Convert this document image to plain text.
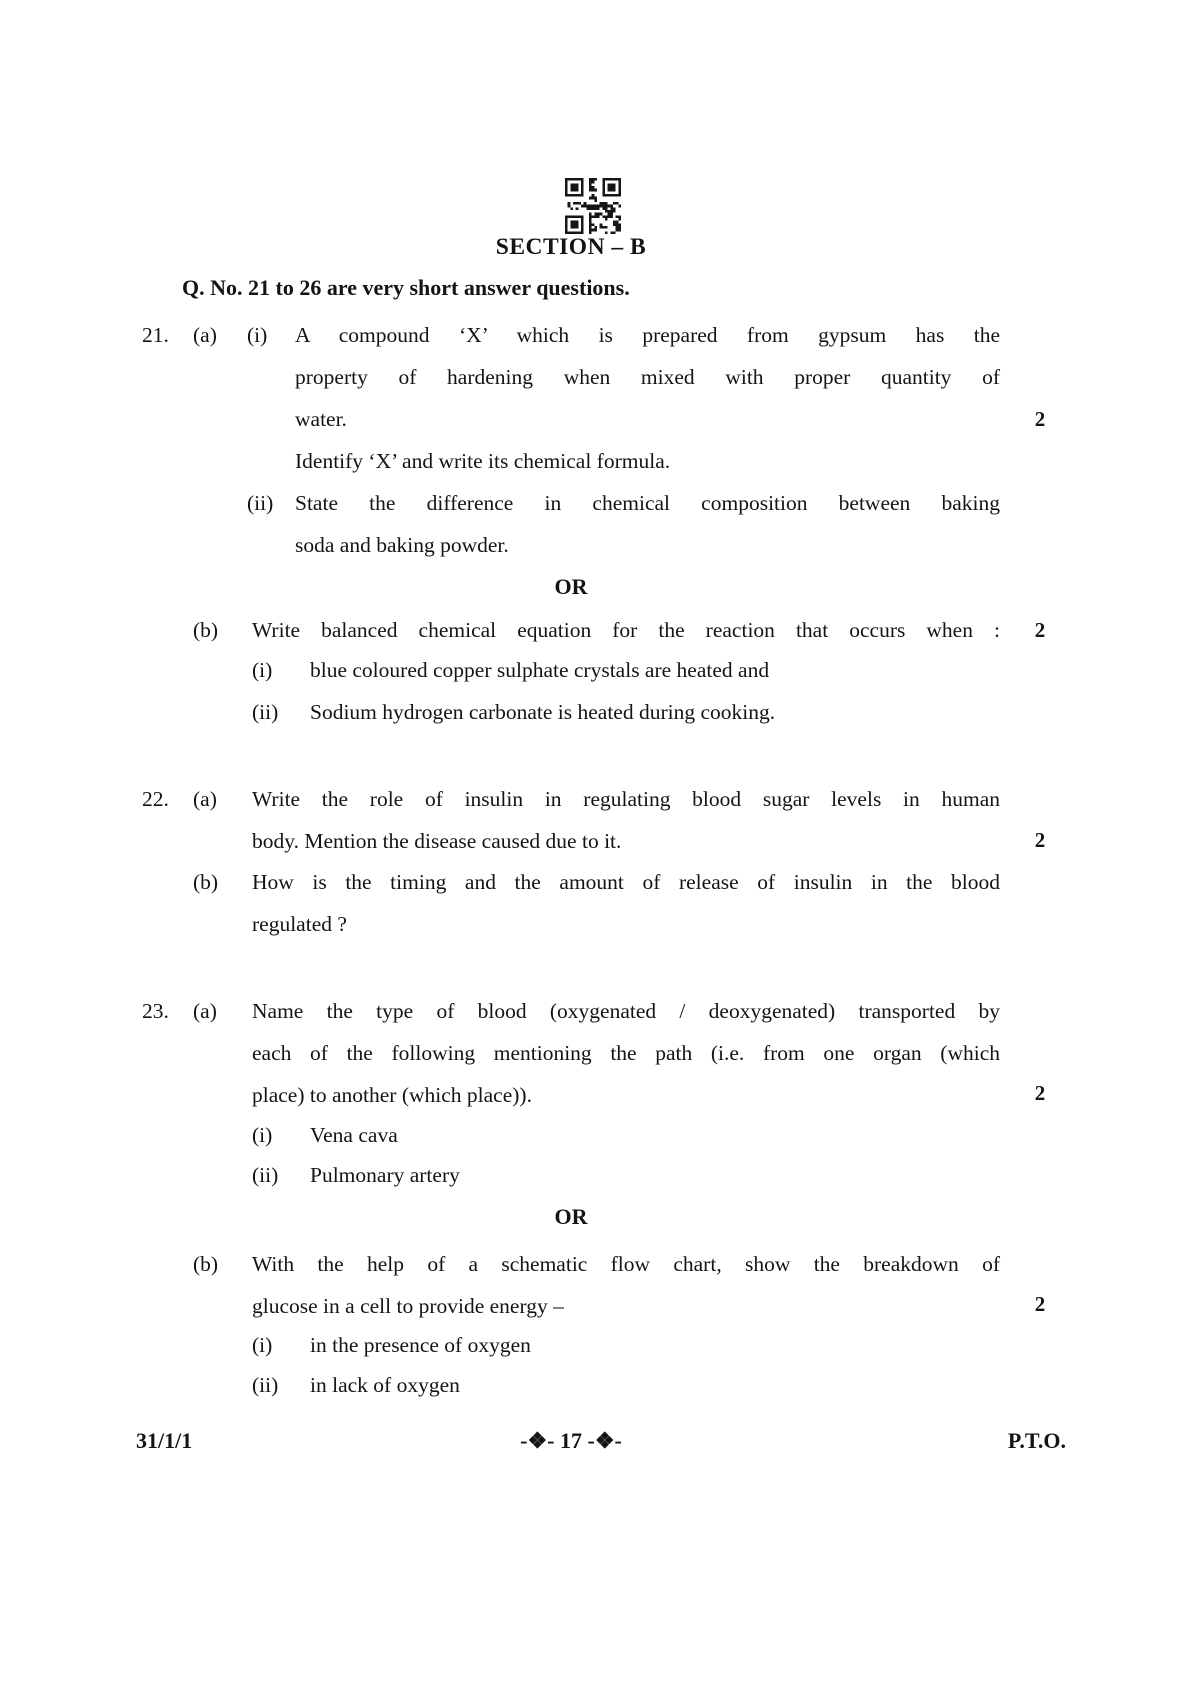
SECTION – B
Q. No. 21 to 26 are very short answer questions.
21. (a) (i) A compound ‘X’ which is prepared from gypsum has the
property of hardening when mixed with proper quantity of
water.	2
Identify ‘X’ and write its chemical formula.
(ii) State the difference in chemical composition between baking
soda and baking powder.
OR
(b) Write balanced chemical equation for the reaction that occurs when :	2
(i) blue coloured copper sulphate crystals are heated and
(ii) Sodium hydrogen carbonate is heated during cooking.
22. (a) Write the role of insulin in regulating blood sugar levels in human
body. Mention the disease caused due to it.	2
(b) How is the timing and the amount of release of insulin in the blood
regulated ?
23. (a) Name the type of blood (oxygenated / deoxygenated) transported by
each of the following mentioning the path (i.e. from one organ (which
place) to another (which place)).	2
(i) Vena cava
(ii) Pulmonary artery
OR
(b) With the help of a schematic flow chart, show the breakdown of
glucose in a cell to provide energy –	2
(i) in the presence of oxygen
(ii) in lack of oxygen
31/1/1	-❖- 17 -❖-	P.T.O.
